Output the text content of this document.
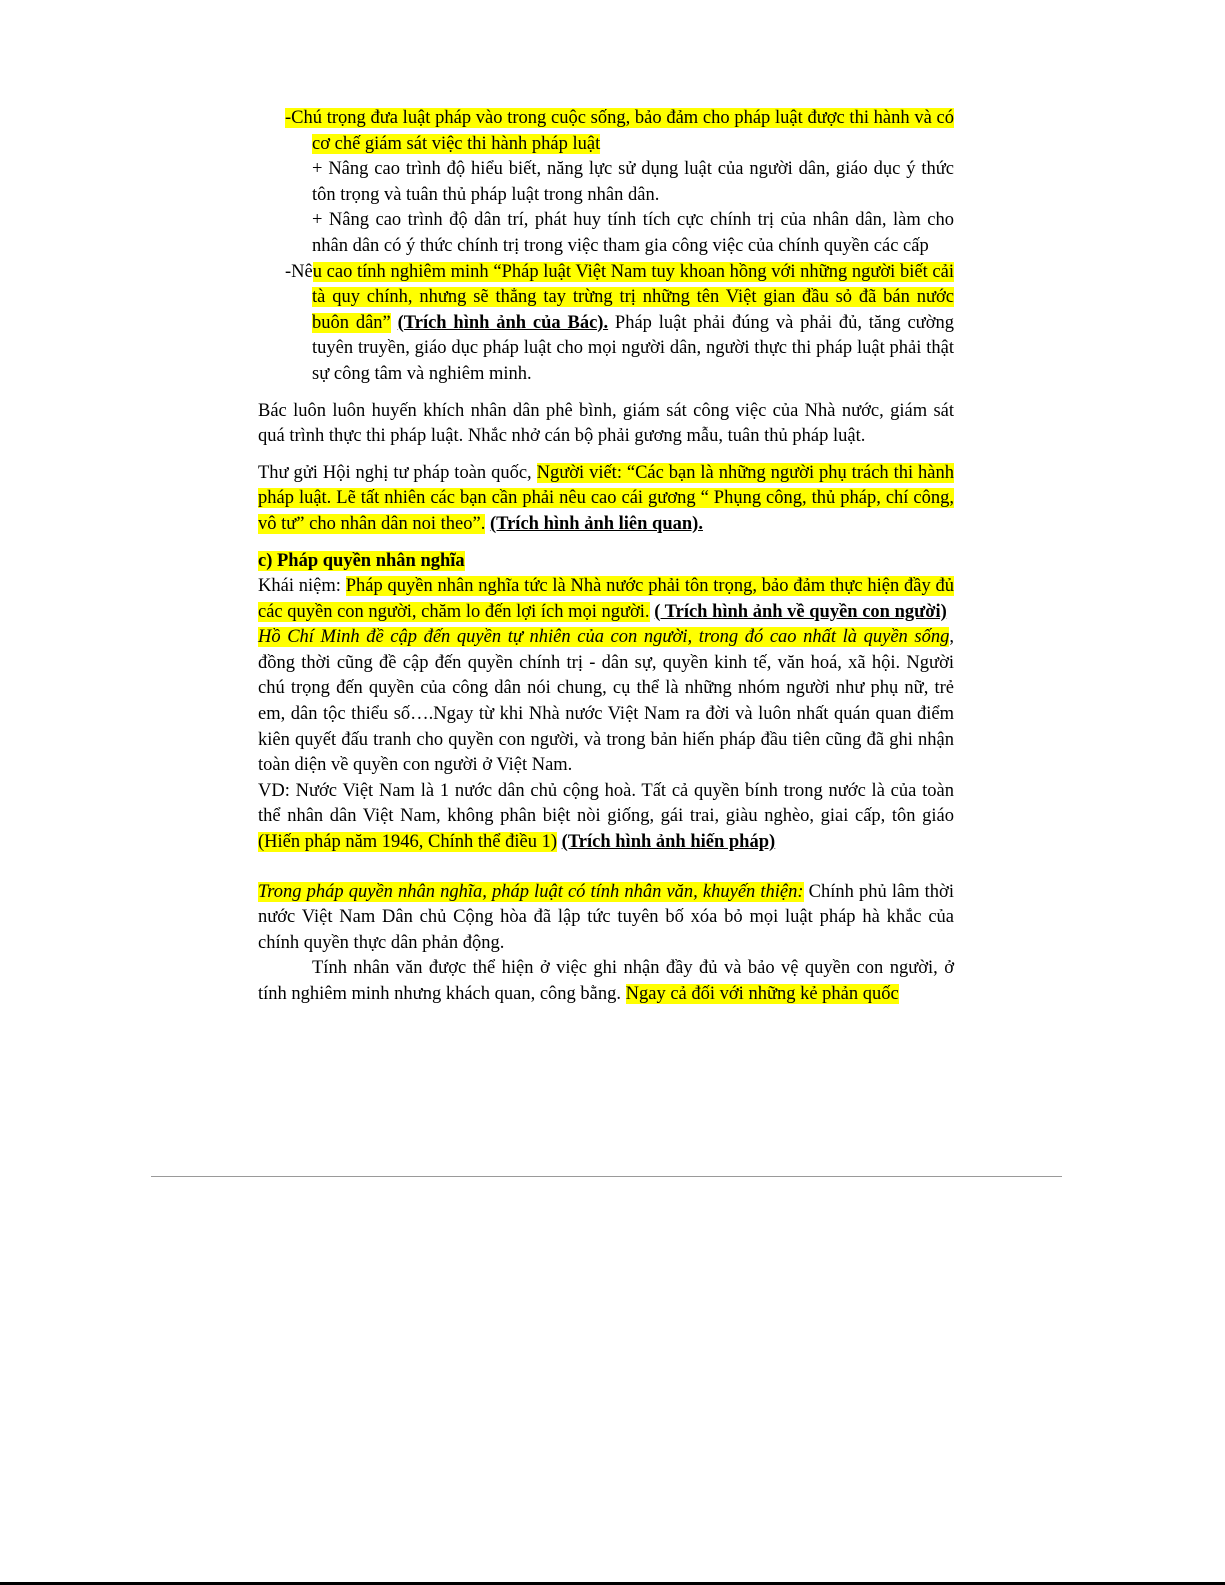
-Chú trọng đưa luật pháp vào trong cuộc sống, bảo đảm cho pháp luật được thi hành và có cơ chế giám sát việc thi hành pháp luật

+ Nâng cao trình độ hiểu biết, năng lực sử dụng luật của người dân, giáo dục ý thức tôn trọng và tuân thủ pháp luật trong nhân dân.

+ Nâng cao trình độ dân trí, phát huy tính tích cực chính trị của nhân dân, làm cho nhân dân có ý thức chính trị trong việc tham gia công việc của chính quyền các cấp

-Nêu cao tính nghiêm minh “Pháp luật Việt Nam tuy khoan hồng với những người biết cải tà quy chính, nhưng sẽ thẳng tay trừng trị những tên Việt gian đầu sỏ đã bán nước buôn dân” (Trích hình ảnh của Bác). Pháp luật phải đúng và phải đủ, tăng cường tuyên truyền, giáo dục pháp luật cho mọi người dân, người thực thi pháp luật phải thật sự công tâm và nghiêm minh.

Bác luôn luôn huyến khích nhân dân phê bình, giám sát công việc của Nhà nước, giám sát quá trình thực thi pháp luật. Nhắc nhở cán bộ phải gương mẫu, tuân thủ pháp luật.

Thư gửi Hội nghị tư pháp toàn quốc, Người viết: “Các bạn là những người phụ trách thi hành pháp luật. Lẽ tất nhiên các bạn cần phải nêu cao cái gương “ Phụng công, thủ pháp, chí công, vô tư” cho nhân dân noi theo”. (Trích hình ảnh liên quan).

c) Pháp quyền nhân nghĩa

Khái niệm: Pháp quyền nhân nghĩa tức là Nhà nước phải tôn trọng, bảo đảm thực hiện đầy đủ các quyền con người, chăm lo đến lợi ích mọi người. ( Trích hình ảnh về quyền con người)

Hồ Chí Minh đề cập đến quyền tự nhiên của con người, trong đó cao nhất là quyền sống, đồng thời cũng đề cập đến quyền chính trị - dân sự, quyền kinh tế, văn hoá, xã hội. Người chú trọng đến quyền của công dân nói chung, cụ thể là những nhóm người như phụ nữ, trẻ em, dân tộc thiểu số….Ngay từ khi Nhà nước Việt Nam ra đời và luôn nhất quán quan điểm kiên quyết đấu tranh cho quyền con người, và trong bản hiến pháp đầu tiên cũng đã ghi nhận toàn diện về quyền con người ở Việt Nam.

VD: Nước Việt Nam là 1 nước dân chủ cộng hoà. Tất cả quyền bính trong nước là của toàn thể nhân dân Việt Nam, không phân biệt nòi giống, gái trai, giàu nghèo, giai cấp, tôn giáo (Hiến pháp năm 1946, Chính thể điều 1) (Trích hình ảnh hiến pháp)

Trong pháp quyền nhân nghĩa, pháp luật có tính nhân văn, khuyến thiện: Chính phủ lâm thời nước Việt Nam Dân chủ Cộng hòa đã lập tức tuyên bố xóa bỏ mọi luật pháp hà khắc của chính quyền thực dân phản động.

Tính nhân văn được thể hiện ở việc ghi nhận đầy đủ và bảo vệ quyền con người, ở tính nghiêm minh nhưng khách quan, công bằng. Ngay cả đối với những kẻ phản quốc
